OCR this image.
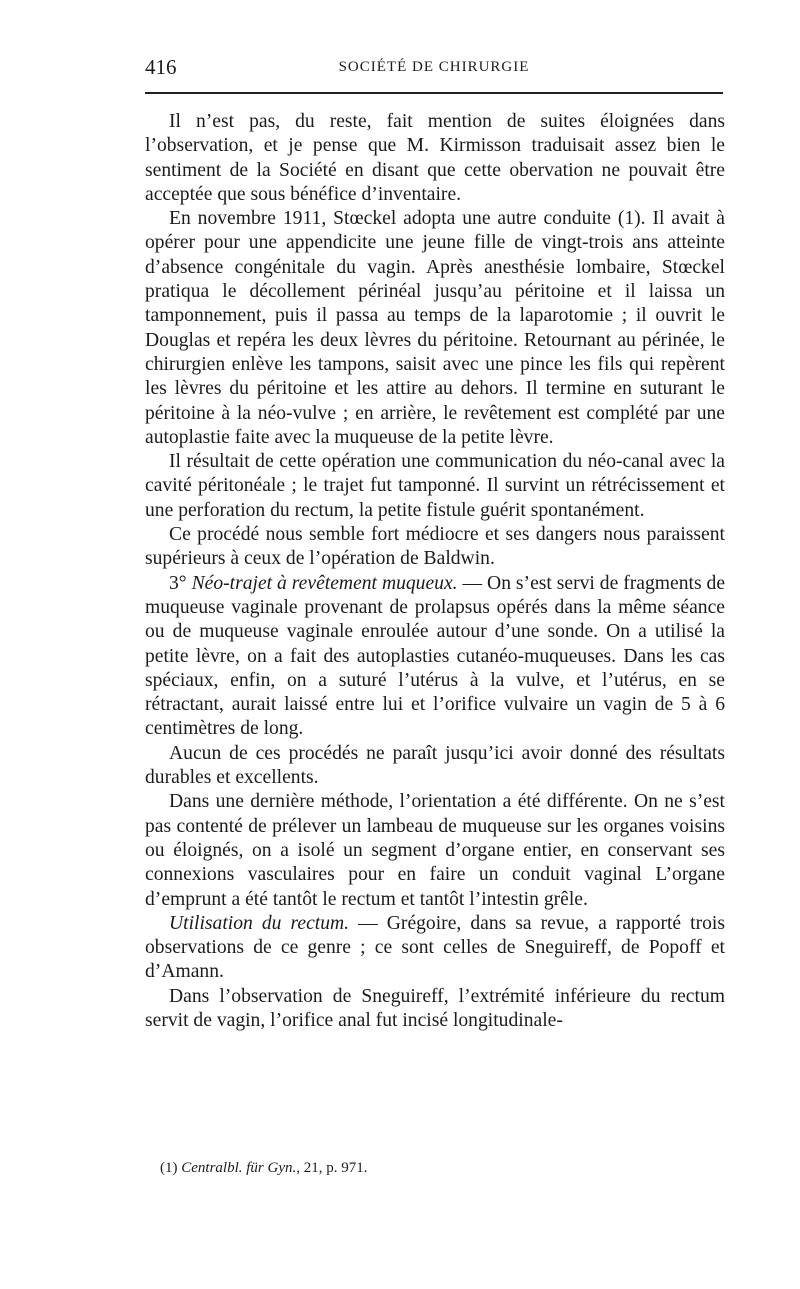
416	SOCIÉTÉ DE CHIRURGIE

Il n’est pas, du reste, fait mention de suites éloignées dans l’observation, et je pense que M. Kirmisson traduisait assez bien le sentiment de la Société en disant que cette obervation ne pouvait être acceptée que sous bénéfice d’inventaire.

En novembre 1911, Stœckel adopta une autre conduite (1). Il avait à opérer pour une appendicite une jeune fille de vingt-trois ans atteinte d’absence congénitale du vagin. Après anesthésie lombaire, Stœckel pratiqua le décollement périnéal jusqu’au péritoine et il laissa un tamponnement, puis il passa au temps de la laparotomie ; il ouvrit le Douglas et repéra les deux lèvres du péritoine. Retournant au périnée, le chirurgien enlève les tampons, saisit avec une pince les fils qui repèrent les lèvres du péritoine et les attire au dehors. Il termine en suturant le péritoine à la néo-vulve ; en arrière, le revêtement est complété par une autoplastie faite avec la muqueuse de la petite lèvre.

Il résultait de cette opération une communication du néo-canal avec la cavité péritonéale ; le trajet fut tamponné. Il survint un rétrécissement et une perforation du rectum, la petite fistule guérit spontanément.

Ce procédé nous semble fort médiocre et ses dangers nous paraissent supérieurs à ceux de l’opération de Baldwin.

3° Néo-trajet à revêtement muqueux. — On s’est servi de fragments de muqueuse vaginale provenant de prolapsus opérés dans la même séance ou de muqueuse vaginale enroulée autour d’une sonde. On a utilisé la petite lèvre, on a fait des autoplasties cutanéo-muqueuses. Dans les cas spéciaux, enfin, on a suturé l’utérus à la vulve, et l’utérus, en se rétractant, aurait laissé entre lui et l’orifice vulvaire un vagin de 5 à 6 centimètres de long.

Aucun de ces procédés ne paraît jusqu’ici avoir donné des résultats durables et excellents.

Dans une dernière méthode, l’orientation a été différente. On ne s’est pas contenté de prélever un lambeau de muqueuse sur les organes voisins ou éloignés, on a isolé un segment d’organe entier, en conservant ses connexions vasculaires pour en faire un conduit vaginal L’organe d’emprunt a été tantôt le rectum et tantôt l’intestin grêle.

Utilisation du rectum. — Grégoire, dans sa revue, a rapporté trois observations de ce genre ; ce sont celles de Sneguireff, de Popoff et d’Amann.

Dans l’observation de Sneguireff, l’extrémité inférieure du rectum servit de vagin, l’orifice anal fut incisé longitudinale-

(1) Centralbl. für Gyn., 21, p. 971.
